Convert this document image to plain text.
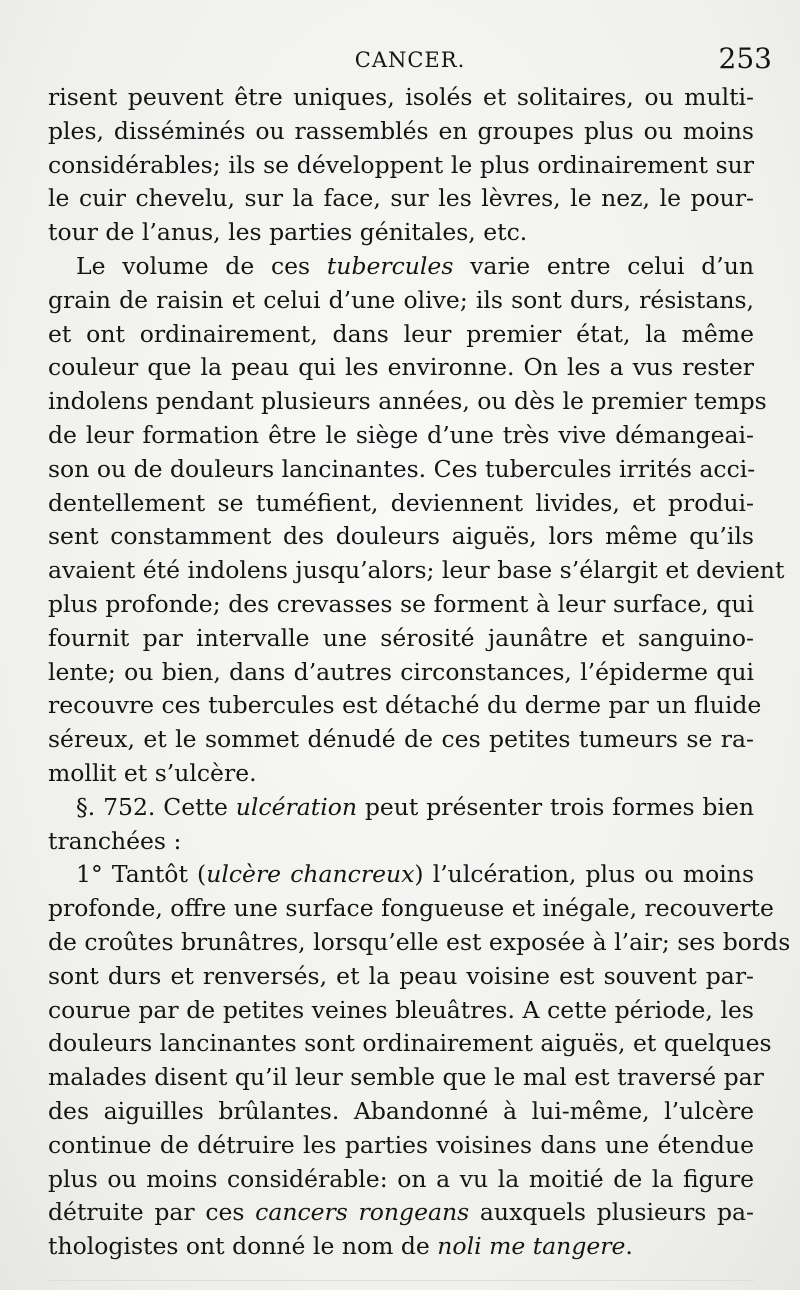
CANCER.	253
risent peuvent être uniques, isolés et solitaires, ou multi-
ples, disséminés ou rassemblés en groupes plus ou moins
considérables; ils se développent le plus ordinairement sur
le cuir chevelu, sur la face, sur les lèvres, le nez, le pour-
tour de l’anus, les parties génitales, etc.
Le volume de ces tubercules varie entre celui d’un
grain de raisin et celui d’une olive; ils sont durs, résistans,
et ont ordinairement, dans leur premier état, la même
couleur que la peau qui les environne. On les a vus rester
indolens pendant plusieurs années, ou dès le premier temps
de leur formation être le siège d’une très vive démangeai-
son ou de douleurs lancinantes. Ces tubercules irrités acci-
dentellement se tuméfient, deviennent livides, et produi-
sent constamment des douleurs aiguës, lors même qu’ils
avaient été indolens jusqu’alors; leur base s’élargit et devient
plus profonde; des crevasses se forment à leur surface, qui
fournit par intervalle une sérosité jaunâtre et sanguino-
lente; ou bien, dans d’autres circonstances, l’épiderme qui
recouvre ces tubercules est détaché du derme par un fluide
séreux, et le sommet dénudé de ces petites tumeurs se ra-
mollit et s’ulcère.
§. 752. Cette ulcération peut présenter trois formes bien
tranchées :
1° Tantôt (ulcère chancreux) l’ulcération, plus ou moins
profonde, offre une surface fongueuse et inégale, recouverte
de croûtes brunâtres, lorsqu’elle est exposée à l’air; ses bords
sont durs et renversés, et la peau voisine est souvent par-
courue par de petites veines bleuâtres. A cette période, les
douleurs lancinantes sont ordinairement aiguës, et quelques
malades disent qu’il leur semble que le mal est traversé par
des aiguilles brûlantes. Abandonné à lui-même, l’ulcère
continue de détruire les parties voisines dans une étendue
plus ou moins considérable: on a vu la moitié de la figure
détruite par ces cancers rongeans auxquels plusieurs pa-
thologistes ont donné le nom de noli me tangere.
